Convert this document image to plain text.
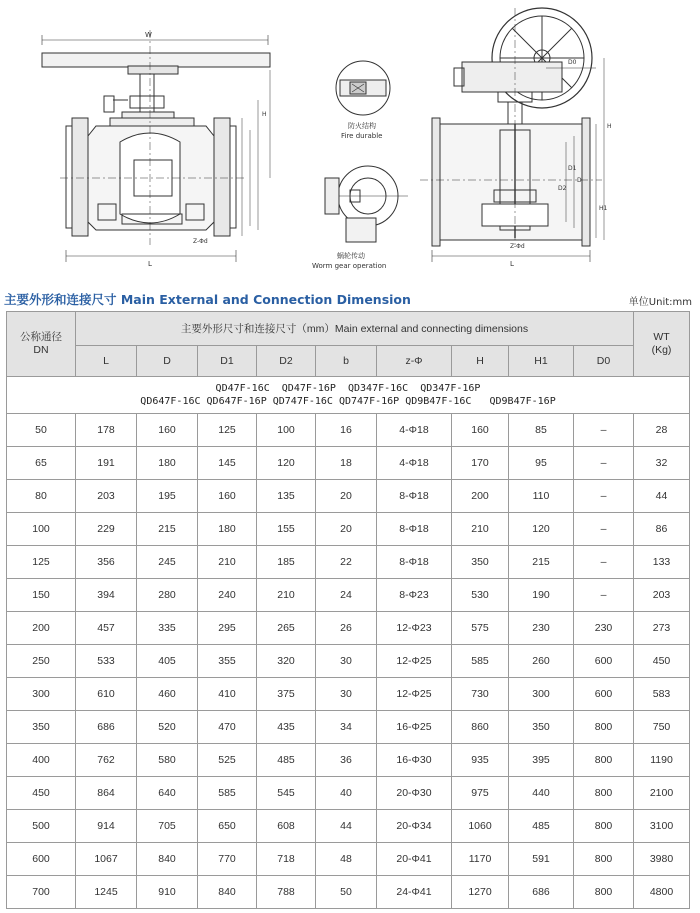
W
L
H
Z-Φd
防火结构
Fire durable
蜗轮传动
Worm gear operation	L
H
H1
D0
Z-Φd
D
D1
D2
主要外形和连接尺寸 Main External and Connection Dimension	单位Unit:mm
公称通径
DN	主要外形尺寸和连接尺寸（mm）Main external and connecting dimensions									WT
(Kg)
	L	D	D1	D2	b	z-Φ	H	H1	D0	
QD47F-16C  QD47F-16P  QD347F-16C  QD347F-16P
QD647F-16C QD647F-16P QD747F-16C QD747F-16P QD9B47F-16C   QD9B47F-16P										
50	178	160	125	100	16	4-Φ18	160	85	–	28
65	191	180	145	120	18	4-Φ18	170	95	–	32
80	203	195	160	135	20	8-Φ18	200	110	–	44
100	229	215	180	155	20	8-Φ18	210	120	–	86
125	356	245	210	185	22	8-Φ18	350	215	–	133
150	394	280	240	210	24	8-Φ23	530	190	–	203
200	457	335	295	265	26	12-Φ23	575	230	230	273
250	533	405	355	320	30	12-Φ25	585	260	600	450
300	610	460	410	375	30	12-Φ25	730	300	600	583
350	686	520	470	435	34	16-Φ25	860	350	800	750
400	762	580	525	485	36	16-Φ30	935	395	800	1190
450	864	640	585	545	40	20-Φ30	975	440	800	2100
500	914	705	650	608	44	20-Φ34	1060	485	800	3100
600	1067	840	770	718	48	20-Φ41	1170	591	800	3980
700	1245	910	840	788	50	24-Φ41	1270	686	800	4800
